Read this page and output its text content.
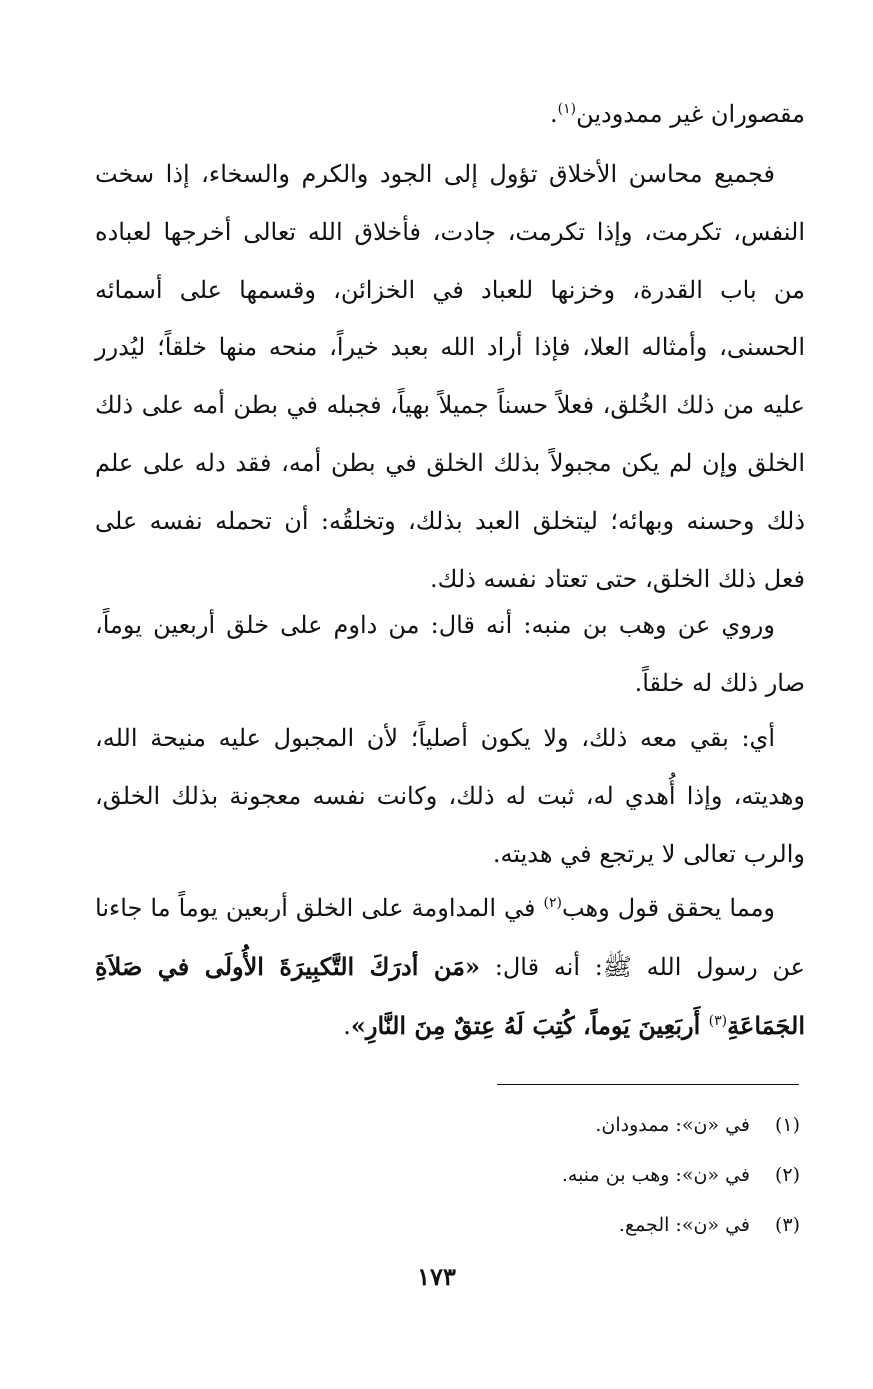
مقصوران غير ممدودين$^{(١)}$.

فجميع محاسن الأخلاق تؤول إلى الجود والكرم والسخاء، إذا سخت النفس، تكرمت، وإذا تكرمت، جادت، فأخلاق الله تعالى أخرجها لعباده من باب القدرة، وخزنها للعباد في الخزائن، وقسمها على أسمائه الحسنى، وأمثاله العلا، فإذا أراد الله بعبد خيراً، منحه منها خلقاً؛ ليُدرر عليه من ذلك الخُلق، فعلاً حسناً جميلاً بهياً، فجبله في بطن أمه على ذلك الخلق وإن لم يكن مجبولاً بذلك الخلق في بطن أمه، فقد دله على علم ذلك وحسنه وبهائه؛ ليتخلق العبد بذلك، وتخلقُه: أن تحمله نفسه على فعل ذلك الخلق، حتى تعتاد نفسه ذلك.

وروي عن وهب بن منبه: أنه قال: من داوم على خلق أربعين يوماً، صار ذلك له خلقاً.

أي: بقي معه ذلك، ولا يكون أصلياً؛ لأن المجبول عليه منيحة الله، وهديته، وإذا أُهدي له، ثبت له ذلك، وكانت نفسه معجونة بذلك الخلق، والرب تعالى لا يرتجع في هديته.

ومما يحقق قول وهب$^{(٢)}$ في المداومة على الخلق أربعين يوماً ما جاءنا عن رسول الله ﷺ: أنه قال: «مَن أدرَكَ التَّكبِيرَةَ الأُولَى في صَلاَةِ الجَمَاعَةِ$^{(٣)}$ أَربَعِينَ يَوماً، كُتِبَ لَهُ عِتقٌ مِنَ النَّارِ».

(١)في «ن»: ممدودان.

(٢)في «ن»: وهب بن منبه.

(٣)في «ن»: الجمع.

١٧٣
